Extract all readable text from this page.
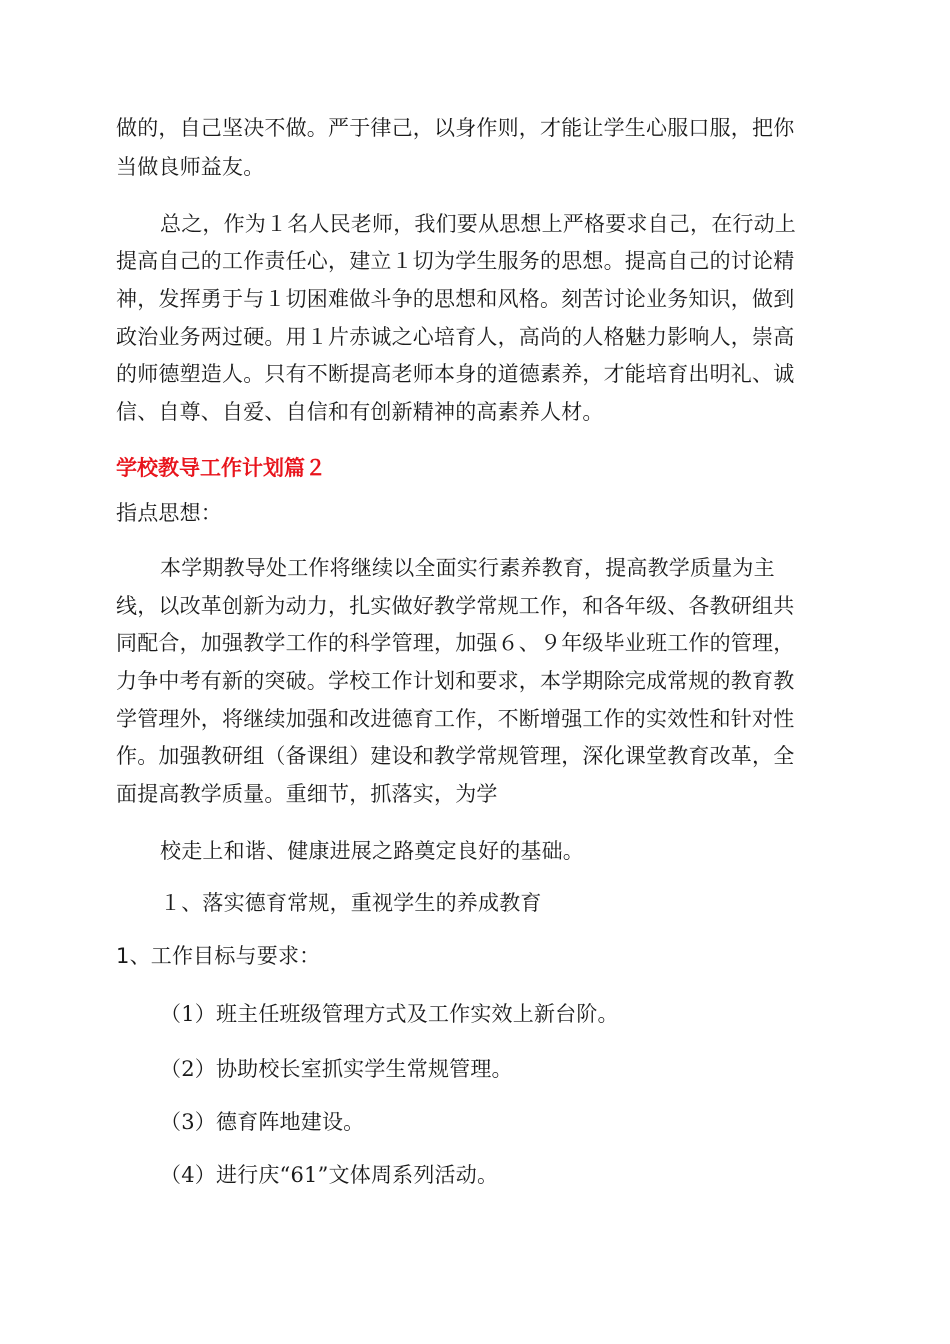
做的，自己坚决不做。严于律己，以身作则，才能让学生心服口服，把你
当做良师益友。
总之，作为１名人民老师，我们要从思想上严格要求自己，在行动上
提高自己的工作责任心，建立１切为学生服务的思想。提高自己的讨论精
神，发挥勇于与１切困难做斗争的思想和风格。刻苦讨论业务知识，做到
政治业务两过硬。用１片赤诚之心培育人，高尚的人格魅力影响人，崇高
的师德塑造人。只有不断提高老师本身的道德素养，才能培育出明礼、诚
信、自尊、自爱、自信和有创新精神的高素养人材。
学校教导工作计划篇２
指点思想：
本学期教导处工作将继续以全面实行素养教育，提高教学质量为主
线，以改革创新为动力，扎实做好教学常规工作，和各年级、各教研组共
同配合，加强教学工作的科学管理，加强６、９年级毕业班工作的管理，
力争中考有新的突破。学校工作计划和要求，本学期除完成常规的教育教
学管理外，将继续加强和改进德育工作，不断增强工作的实效性和针对性
作。加强教研组（备课组）建设和教学常规管理，深化课堂教育改革，全
面提高教学质量。重细节，抓落实，为学
校走上和谐、健康进展之路奠定良好的基础。
１、落实德育常规，重视学生的养成教育
1、工作目标与要求：
（1）班主任班级管理方式及工作实效上新台阶。
（2）协助校长室抓实学生常规管理。
（3）德育阵地建设。
（4）进行庆“61”文体周系列活动。
